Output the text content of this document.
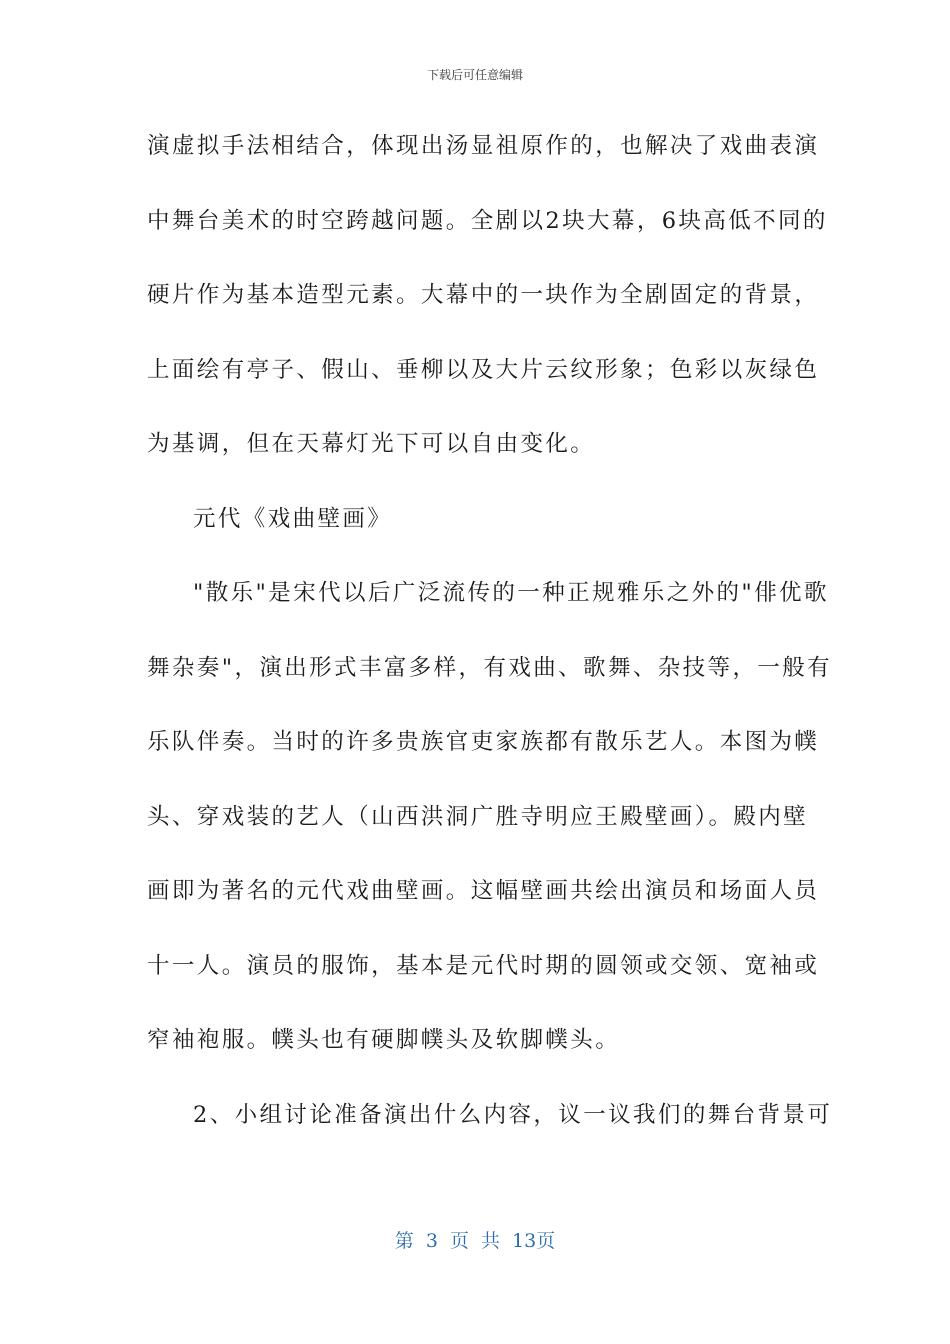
下载后可任意编辑
演虚拟手法相结合，体现出汤显祖原作的，也解决了戏曲表演
中舞台美术的时空跨越问题。全剧以2块大幕，6块高低不同的
硬片作为基本造型元素。大幕中的一块作为全剧固定的背景，
上面绘有亭子、假山、垂柳以及大片云纹形象；色彩以灰绿色
为基调，但在天幕灯光下可以自由变化。
元代《戏曲壁画》
"散乐"是宋代以后广泛流传的一种正规雅乐之外的"俳优歌
舞杂奏"，演出形式丰富多样，有戏曲、歌舞、杂技等，一般有
乐队伴奏。当时的许多贵族官吏家族都有散乐艺人。本图为幞
头、穿戏装的艺人（山西洪洞广胜寺明应王殿壁画）。殿内壁
画即为著名的元代戏曲壁画。这幅壁画共绘出演员和场面人员
十一人。演员的服饰，基本是元代时期的圆领或交领、宽袖或
窄袖袍服。幞头也有硬脚幞头及软脚幞头。
2、小组讨论准备演出什么内容，议一议我们的舞台背景可
第 3 页 共 13页
